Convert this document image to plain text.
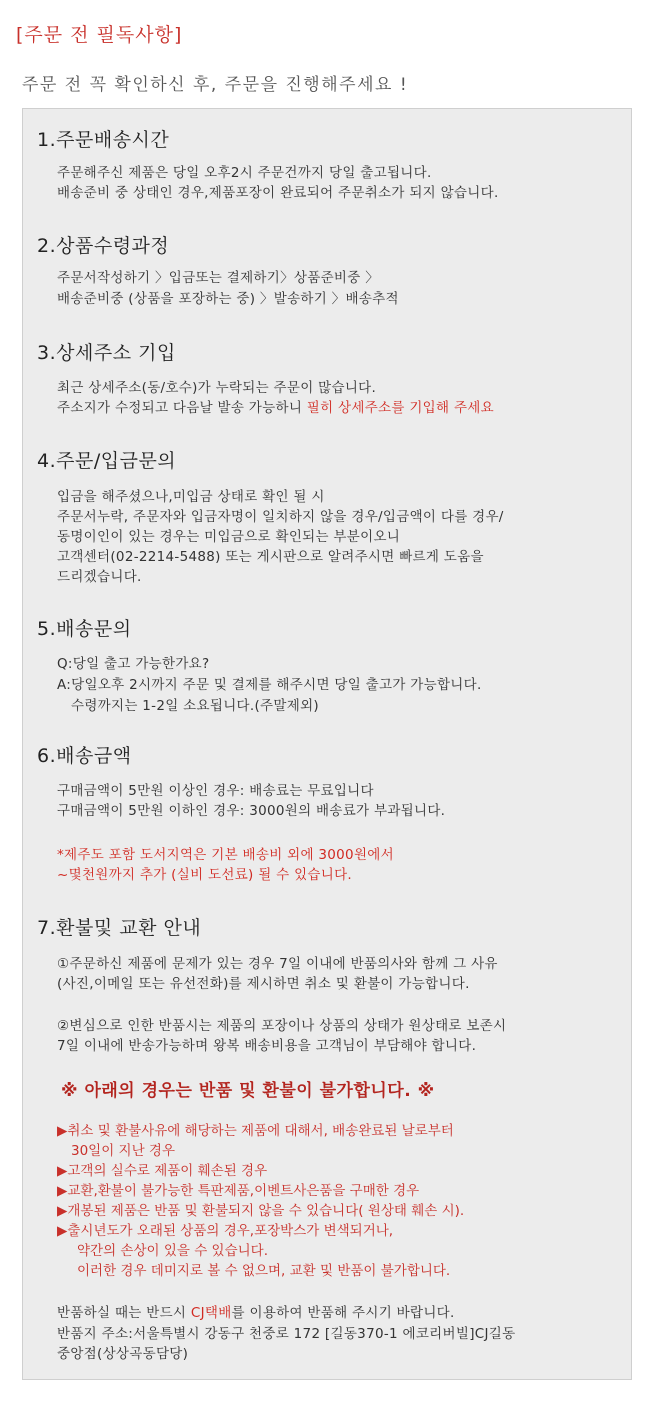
[주문 전 필독사항]
주문 전 꼭 확인하신 후, 주문을 진행해주세요 !
1.주문배송시간
주문해주신 제품은 당일 오후2시 주문건까지 당일 출고됩니다.
배송준비 중 상태인 경우,제품포장이 완료되어 주문취소가 되지 않습니다.
2.상품수령과정
주문서작성하기 〉입금또는 결제하기〉상품준비중 〉
배송준비중 (상품을 포장하는 중) 〉발송하기 〉배송추적
3.상세주소 기입
최근 상세주소(동/호수)가 누락되는 주문이 많습니다.
주소지가 수정되고 다음날 발송 가능하니 필히 상세주소를 기입해 주세요
4.주문/입금문의
입금을 해주셨으나,미입금 상태로 확인 될 시
주문서누락, 주문자와 입금자명이 일치하지 않을 경우/입금액이 다를 경우/
동명이인이 있는 경우는 미입금으로 확인되는 부분이오니
고객센터(02-2214-5488) 또는 게시판으로 알려주시면 빠르게 도움을
드리겠습니다.
5.배송문의
Q:당일 출고 가능한가요?
A:당일오후 2시까지 주문 및 결제를 해주시면 당일 출고가 가능합니다.
수령까지는 1-2일 소요됩니다.(주말제외)
6.배송금액
구매금액이 5만원 이상인 경우: 배송료는 무료입니다
구매금액이 5만원 이하인 경우: 3000원의 배송료가 부과됩니다.
*제주도 포함 도서지역은 기본 배송비 외에 3000원에서
~몇천원까지 추가 (실비 도선료) 될 수 있습니다.
7.환불및 교환 안내
①주문하신 제품에 문제가 있는 경우 7일 이내에 반품의사와 함께 그 사유
(사진,이메일 또는 유선전화)를 제시하면 취소 및 환불이 가능합니다.
②변심으로 인한 반품시는 제품의 포장이나 상품의 상태가 원상태로 보존시
7일 이내에 반송가능하며 왕복 배송비용을 고객님이 부담해야 합니다.
※ 아래의 경우는 반품 및 환불이 불가합니다. ※
▶취소 및 환불사유에 해당하는 제품에 대해서, 배송완료된 날로부터
30일이 지난 경우
▶고객의 실수로 제품이 훼손된 경우
▶교환,환불이 불가능한 특판제품,이벤트사은품을 구매한 경우
▶개봉된 제품은 반품 및 환불되지 않을 수 있습니다( 원상태 훼손 시).
▶출시년도가 오래된 상품의 경우,포장박스가 변색되거나,
약간의 손상이 있을 수 있습니다.
이러한 경우 데미지로 볼 수 없으며, 교환 및 반품이 불가합니다.
반품하실 때는 반드시 CJ택배를 이용하여 반품해 주시기 바랍니다.
반품지 주소:서울특별시 강동구 천중로 172 [길동370-1 에코리버빌]CJ길동
중앙점(상상곡동담당)
